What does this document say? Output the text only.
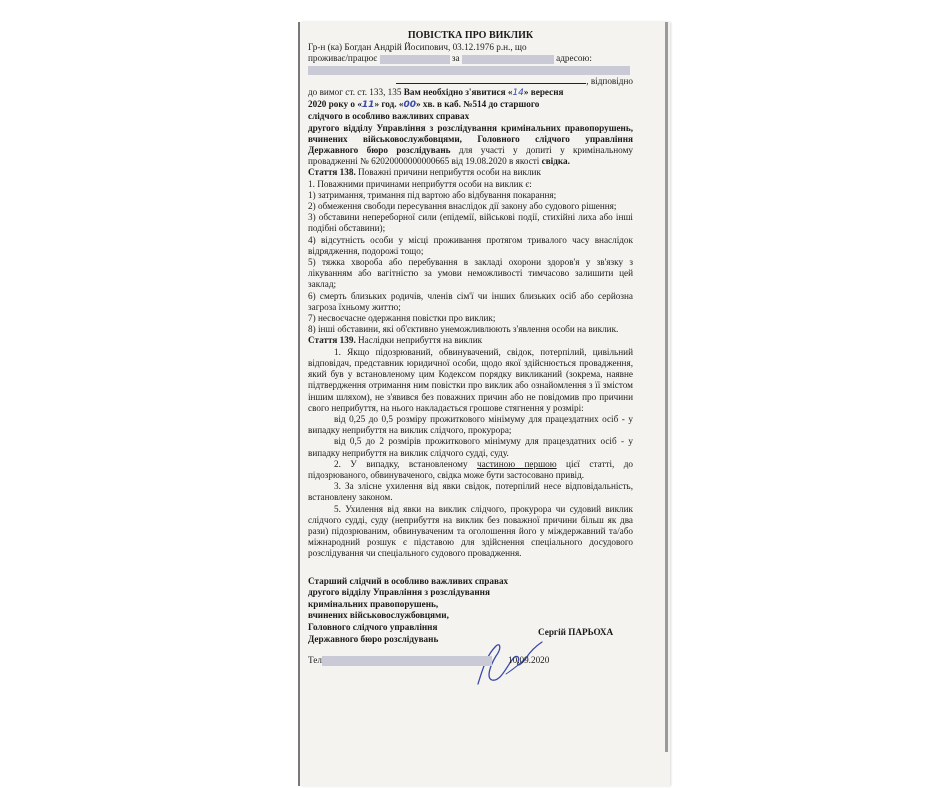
ПОВІСТКА ПРО ВИКЛИК
Гр-н (ка) Богдан Андрій Йосипович, 03.12.1976 р.н., що
проживає/працює	за	адресою:
, відповідно
до вимог ст. ст. 133, 135 Вам необхідно з'явитися «14» вересня
2020 року о «11» год. «00» хв. в каб. №514 до старшого
слідчого в особливо важливих справах
другого відділу Управління з розслідування кримінальних правопорушень, вчинених військовослужбовцями, Головного слідчого управління Державного бюро розслідувань для участі у допиті у кримінальному провадженні № 62020000000000665 від 19.08.2020 в якості свідка.
Стаття 138. Поважні причини неприбуття особи на виклик
1. Поважними причинами неприбуття особи на виклик є:
1) затримання, тримання під вартою або відбування покарання;
2) обмеження свободи пересування внаслідок дії закону або судового рішення;
3) обставини непереборної сили (епідемії, військові події, стихійні лиха або інші подібні обставини);
4) відсутність особи у місці проживання протягом тривалого часу внаслідок відрядження, подорожі тощо;
5) тяжка хвороба або перебування в закладі охорони здоров'я у зв'язку з лікуванням або вагітністю за умови неможливості тимчасово залишити цей заклад;
6) смерть близьких родичів, членів сім'ї чи інших близьких осіб або серйозна загроза їхньому життю;
7) несвоєчасне одержання повістки про виклик;
8) інші обставини, які об'єктивно унеможливлюють з'явлення особи на виклик.
Стаття 139. Наслідки неприбуття на виклик
1. Якщо підозрюваний, обвинувачений, свідок, потерпілий, цивільний відповідач, представник юридичної особи, щодо якої здійснюється провадження, який був у встановленому цим Кодексом порядку викликаний (зокрема, наявне підтвердження отримання ним повістки про виклик або ознайомлення з її змістом іншим шляхом), не з'явився без поважних причин або не повідомив про причини свого неприбуття, на нього накладається грошове стягнення у розмірі:
від 0,25 до 0,5 розміру прожиткового мінімуму для працездатних осіб - у випадку неприбуття на виклик слідчого, прокурора;
від 0,5 до 2 розмірів прожиткового мінімуму для працездатних осіб - у випадку неприбуття на виклик слідчого судді, суду.
2. У випадку, встановленому частиною першою цієї статті, до підозрюваного, обвинуваченого, свідка може бути застосовано привід.
3. За злісне ухилення від явки свідок, потерпілий несе відповідальність, встановлену законом.
5. Ухилення від явки на виклик слідчого, прокурора чи судовий виклик слідчого судді, суду (неприбуття на виклик без поважної причини більш як два рази) підозрюваним, обвинуваченим та оголошення його у міждержавний та/або міжнародний розшук є підставою для здійснення спеціального досудового розслідування чи спеціального судового провадження.
Старший слідчий в особливо важливих справах
другого відділу Управління з розслідування
кримінальних правопорушень,
вчинених військовослужбовцями,
Головного слідчого управління
Державного бюро розслідувань
Сергій ПАРЬОХА
Тел	10.09.2020
